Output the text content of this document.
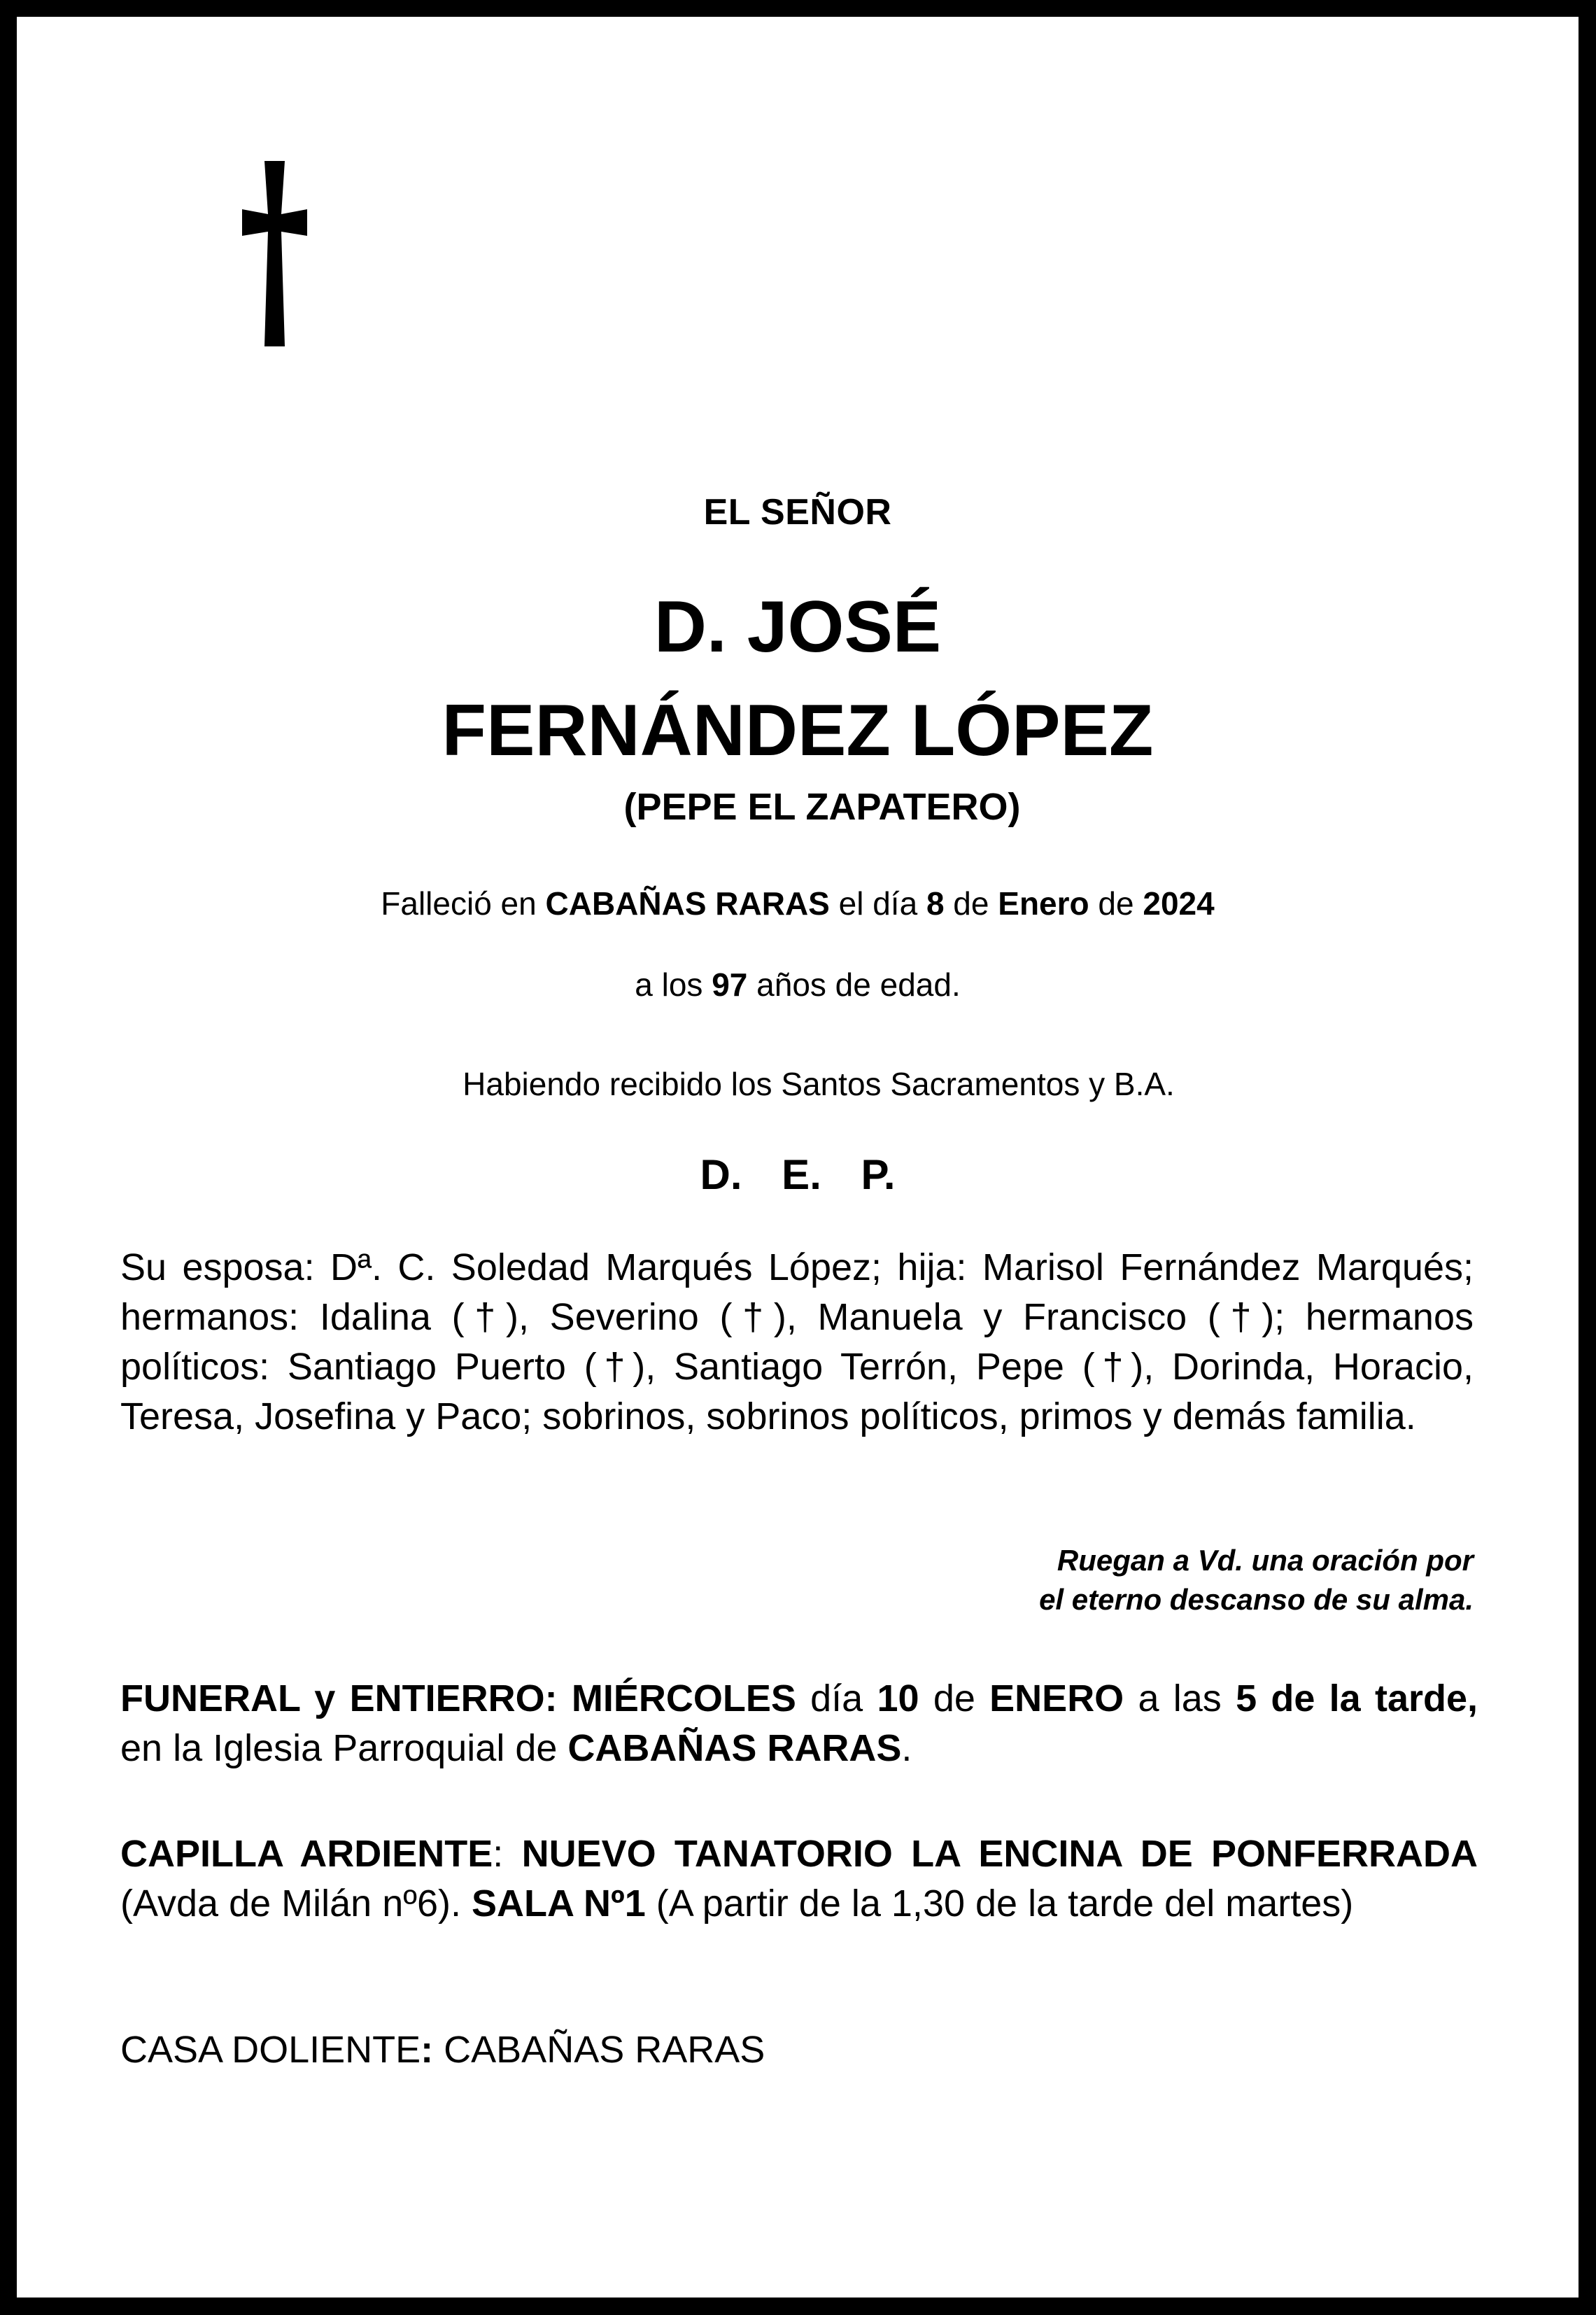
EL SEÑOR
D. JOSÉ
FERNÁNDEZ LÓPEZ
(PEPE EL ZAPATERO)
Falleció en CABAÑAS RARAS el día 8 de Enero de 2024
a los 97 años de edad.
Habiendo recibido los Santos Sacramentos y B.A.
D. E. P.
Su esposa: Dª. C. Soledad Marqués López; hija: Marisol Fernández Marqués; hermanos: Idalina (†), Severino (†), Manuela y Francisco (†); hermanos políticos: Santiago Puerto (†), Santiago Terrón, Pepe (†), Dorinda, Horacio, Teresa, Josefina y Paco; sobrinos, sobrinos políticos, primos y demás familia.
Ruegan a Vd. una oración por
el eterno descanso de su alma.
FUNERAL y ENTIERRO: MIÉRCOLES día 10 de ENERO a las 5 de la tarde, en la Iglesia Parroquial de CABAÑAS RARAS.
CAPILLA ARDIENTE: NUEVO TANATORIO LA ENCINA DE PONFERRADA (Avda de Milán nº6). SALA Nº1 (A partir de la 1,30 de la tarde del martes)
CASA DOLIENTE: CABAÑAS RARAS
